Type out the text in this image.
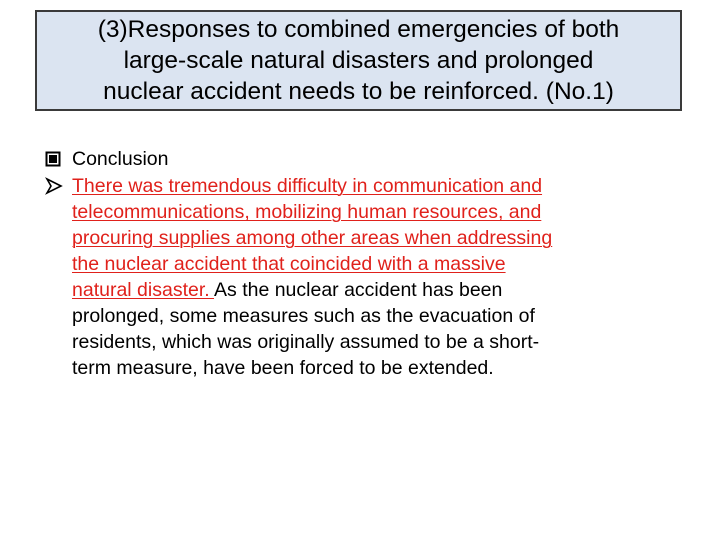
(3)Responses to combined emergencies of both
large-scale natural disasters and prolonged
nuclear accident needs to be reinforced. (No.1)
Conclusion
There was tremendous difficulty in communication and
telecommunications, mobilizing human resources, and
procuring supplies among other areas when addressing
the nuclear accident that coincided with a massive
natural disaster. As the nuclear accident has been
prolonged, some measures such as the evacuation of
residents, which was originally assumed to be a short-
term measure, have been forced to be extended.
